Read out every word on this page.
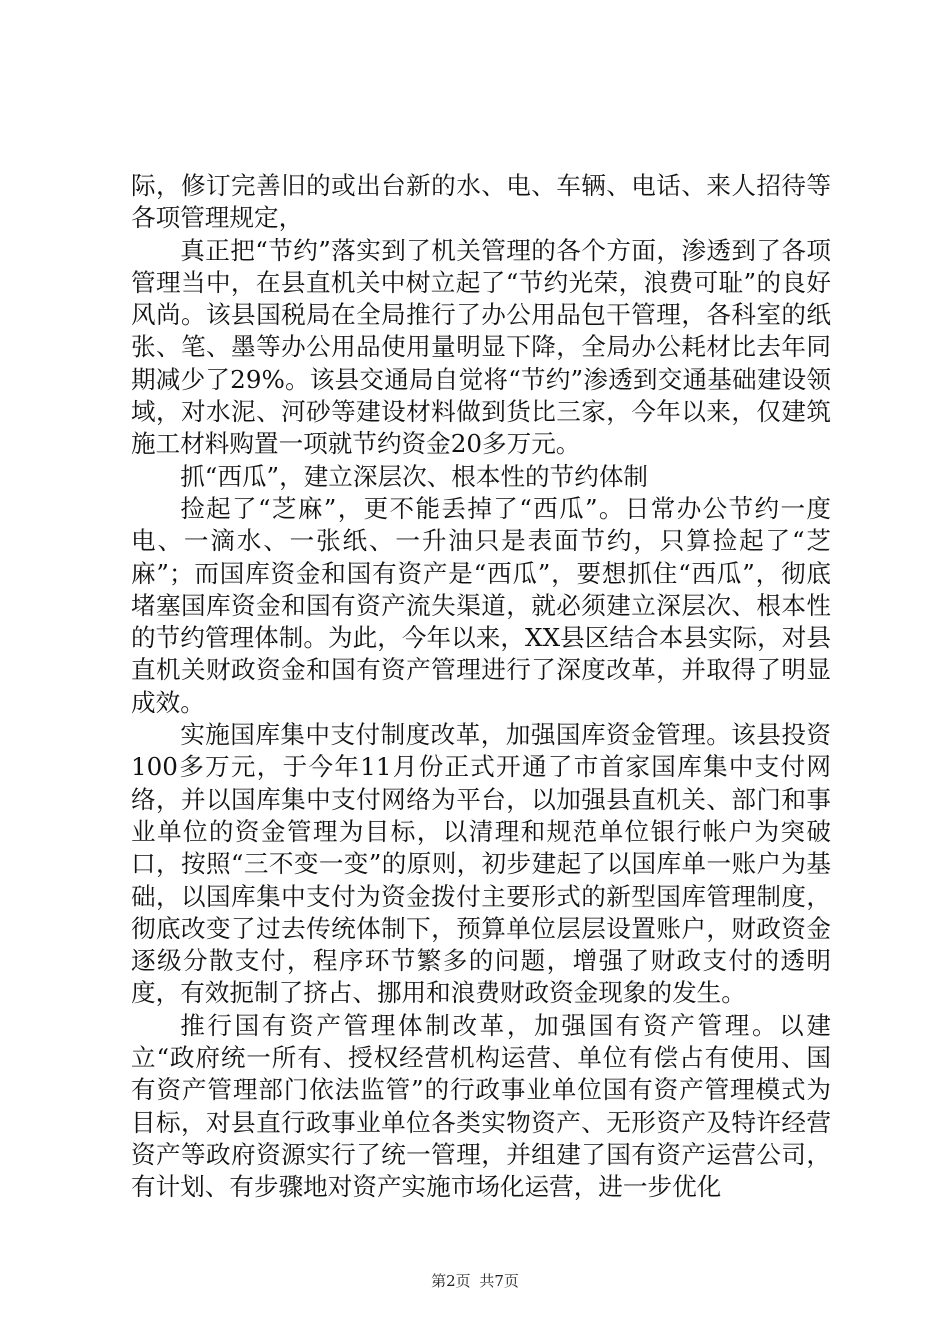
际，修订完善旧的或出台新的水、电、车辆、电话、来人招待等各项管理规定，

真正把“节约”落实到了机关管理的各个方面，渗透到了各项管理当中，在县直机关中树立起了“节约光荣，浪费可耻”的良好风尚。该县国税局在全局推行了办公用品包干管理，各科室的纸张、笔、墨等办公用品使用量明显下降，全局办公耗材比去年同期减少了29%。该县交通局自觉将“节约”渗透到交通基础建设领域，对水泥、河砂等建设材料做到货比三家，今年以来，仅建筑施工材料购置一项就节约资金20多万元。

抓“西瓜”，建立深层次、根本性的节约体制

捡起了“芝麻”，更不能丢掉了“西瓜”。日常办公节约一度电、一滴水、一张纸、一升油只是表面节约，只算捡起了“芝麻”；而国库资金和国有资产是“西瓜”，要想抓住“西瓜”，彻底堵塞国库资金和国有资产流失渠道，就必须建立深层次、根本性的节约管理体制。为此，今年以来，XX县区结合本县实际，对县直机关财政资金和国有资产管理进行了深度改革，并取得了明显成效。

实施国库集中支付制度改革，加强国库资金管理。该县投资100多万元，于今年11月份正式开通了市首家国库集中支付网络，并以国库集中支付网络为平台，以加强县直机关、部门和事业单位的资金管理为目标，以清理和规范单位银行帐户为突破口，按照“三不变一变”的原则，初步建起了以国库单一账户为基础，以国库集中支付为资金拨付主要形式的新型国库管理制度，彻底改变了过去传统体制下，预算单位层层设置账户，财政资金逐级分散支付，程序环节繁多的问题，增强了财政支付的透明度，有效扼制了挤占、挪用和浪费财政资金现象的发生。

推行国有资产管理体制改革，加强国有资产管理。以建立“政府统一所有、授权经营机构运营、单位有偿占有使用、国有资产管理部门依法监管”的行政事业单位国有资产管理模式为目标，对县直行政事业单位各类实物资产、无形资产及特许经营资产等政府资源实行了统一管理，并组建了国有资产运营公司，有计划、有步骤地对资产实施市场化运营，进一步优化

第2页 共7页
